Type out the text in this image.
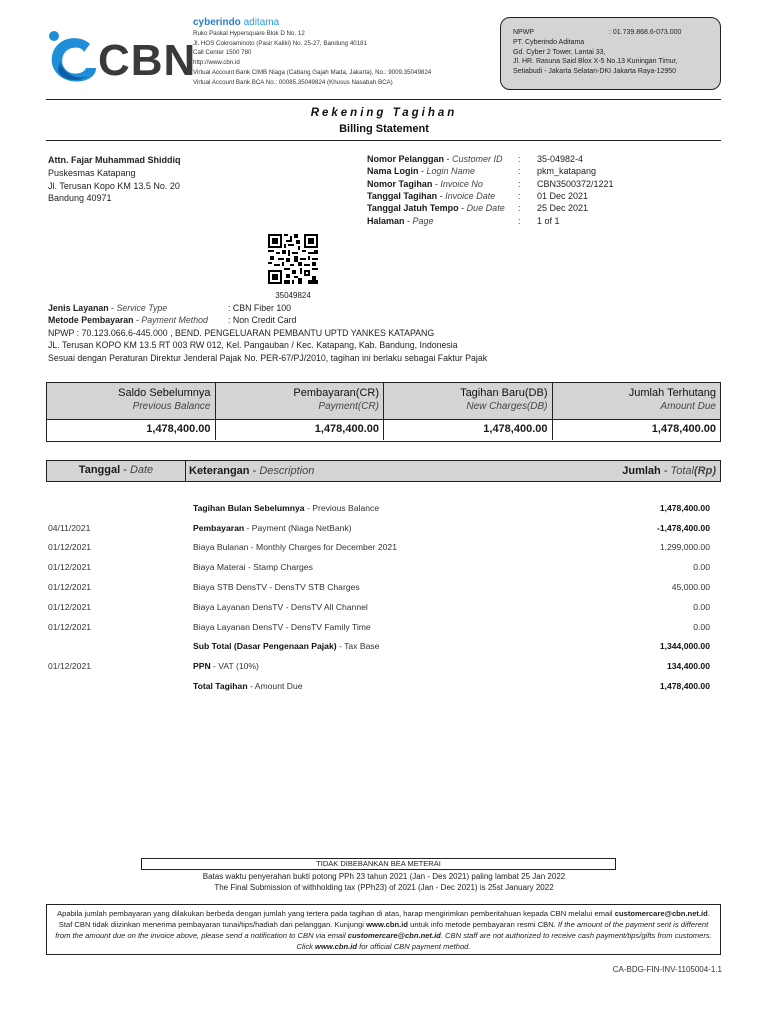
CBN
cyberindo aditama
Ruko Paskal Hypersquare Blok D No. 12
Jl. HOS Cokroaminoto (Pasir Kaliki) No. 25-27, Bandung 40181
Call Center 1500 780
http://www.cbn.id
Virtual Account Bank CIMB Niaga (Cabang Gajah Mada, Jakarta), No.: 9009.35049824
Virtual Account Bank BCA No.: 00085.35049824 (Khusus Nasabah BCA)
NPWP	: 01.739.868.6-073.000
PT. Cyberindo Aditama
Gd. Cyber 2 Tower, Lantai 33,
Jl. HR. Rasuna Said Blox X-5 No.13 Kuningan Timur,
Setiabudi - Jakarta Selatan-DKI Jakarta Raya-12950
Rekening Tagihan
Billing Statement
Attn. Fajar Muhammad Shiddiq
Puskesmas Katapang
Jl. Terusan Kopo KM 13.5 No. 20
Bandung 40971
Nomor Pelanggan - Customer ID	:	35-04982-4
Nama Login - Login Name	:	pkm_katapang
Nomor Tagihan - Invoice No	:	CBN3500372/1221
Tanggal Tagihan - Invoice Date	:	01 Dec 2021
Tanggal Jatuh Tempo - Due Date	:	25 Dec 2021
Halaman - Page	:	1 of 1
35049824
Jenis Layanan - Service Type	: CBN Fiber 100
Metode Pembayaran - Payment Method : Non Credit Card
NPWP : 70.123.066.6-445.000 , BEND. PENGELUARAN PEMBANTU UPTD YANKES KATAPANG
JL. Terusan KOPO KM 13.5 RT 003 RW 012, Kel. Pangauban / Kec. Katapang, Kab. Bandung, Indonesia
Sesuai dengan Peraturan Direktur Jenderal Pajak No. PER-67/PJ/2010, tagihan ini berlaku sebagai Faktur Pajak
Saldo Sebelumnya
Previous Balance
Pembayaran(CR)
Payment(CR)
Tagihan Baru(DB)
New Charges(DB)
Jumlah Terhutang
Amount Due
1,478,400.00	1,478,400.00	1,478,400.00	1,478,400.00
Tanggal - Date	Keterangan - Description	Jumlah - Total(Rp)
Tagihan Bulan Sebelumnya - Previous Balance	1,478,400.00
04/11/2021	Pembayaran - Payment (Niaga NetBank)	-1,478,400.00
01/12/2021	Biaya Bulanan - Monthly Charges for December 2021	1,299,000.00
01/12/2021	Biaya Materai - Stamp Charges	0.00
01/12/2021	Biaya STB DensTV - DensTV STB Charges	45,000.00
01/12/2021	Biaya Layanan DensTV - DensTV All Channel	0.00
01/12/2021	Biaya Layanan DensTV - DensTV Family Time	0.00
Sub Total (Dasar Pengenaan Pajak) - Tax Base	1,344,000.00
01/12/2021	PPN - VAT (10%)	134,400.00
Total Tagihan - Amount Due	1,478,400.00
TIDAK DIBEBANKAN BEA METERAI
Batas waktu penyerahan bukti potong PPh 23 tahun 2021 (Jan - Des 2021) paling lambat 25 Jan 2022
The Final Submission of withholding tax (PPh23) of 2021 (Jan - Dec 2021) is 25st January 2022
Apabila jumlah pembayaran yang dilakukan berbeda dengan jumlah yang tertera pada tagihan di atas, harap mengirimkan pemberitahuan kepada CBN melalui email customercare@cbn.net.id. Staf CBN tidak diizinkan menerima pembayaran tunai/tips/hadiah dari pelanggan. Kunjungi www.cbn.id untuk info metode pembayaran resmi CBN. If the amount of the payment sent is different from the amount due on the invoice above, please send a notification to CBN via email customercare@cbn.net.id. CBN staff are not authorized to receive cash payment/tips/gifts from customers. Click www.cbn.id for official CBN payment method.
CA-BDG-FIN-INV-1105004-1.1
